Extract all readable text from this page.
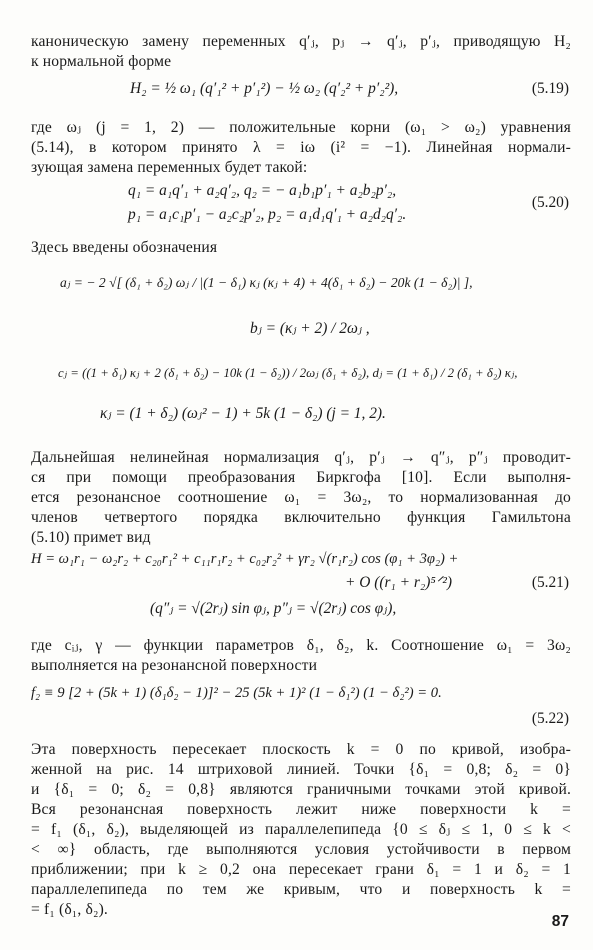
каноническую замену переменных q′ⱼ, pⱼ → q′ⱼ, p′ⱼ, приводящую H₂
к нормальной форме
H₂ = ½ ω₁ (q′₁² + p′₁²) − ½ ω₂ (q′₂² + p′₂²),	(5.19)
где ωⱼ (j = 1, 2) — положительные корни (ω₁ > ω₂) уравнения
(5.14), в котором принято λ = iω (i² = −1). Линейная нормали-
зующая замена переменных будет такой:
q₁ = a₁q′₁ + a₂q′₂, q₂ = − a₁b₁p′₁ + a₂b₂p′₂,
p₁ = a₁c₁p′₁ − a₂c₂p′₂, p₂ = a₁d₁q′₁ + a₂d₂q′₂.
(5.20)
Здесь введены обозначения
aⱼ = − 2 √[ (δ₁ + δ₂) ωⱼ / |(1 − δ₁) κⱼ (κⱼ + 4) + 4(δ₁ + δ₂) − 20k (1 − δ₂)| ],
bⱼ = (κⱼ + 2) / 2ωⱼ ,
cⱼ = ((1 + δ₁) κⱼ + 2 (δ₁ + δ₂) − 10k (1 − δ₂)) / 2ωⱼ (δ₁ + δ₂), dⱼ = (1 + δ₁) / 2 (δ₁ + δ₂) κⱼ,
κⱼ = (1 + δ₂) (ωⱼ² − 1) + 5k (1 − δ₂) (j = 1, 2).
Дальнейшая нелинейная нормализация q′ⱼ, p′ⱼ → q″ⱼ, p″ⱼ проводит-
ся при помощи преобразования Биркгофа [10]. Если выполня-
ется резонансное соотношение ω₁ = 3ω₂, то нормализованная до
членов четвертого порядка включительно функция Гамильтона
(5.10) примет вид
H = ω₁r₁ − ω₂r₂ + c₂₀r₁² + c₁₁r₁r₂ + c₀₂r₂² + γr₂ √(r₁r₂) cos (φ₁ + 3φ₂) +
+ O ((r₁ + r₂)⁵ᐟ²)	(5.21)
(q″ⱼ = √(2rⱼ) sin φⱼ, p″ⱼ = √(2rⱼ) cos φⱼ),
где cᵢⱼ, γ — функции параметров δ₁, δ₂, k. Соотношение ω₁ = 3ω₂
выполняется на резонансной поверхности
f₂ ≡ 9 [2 + (5k + 1) (δ₁δ₂ − 1)]² − 25 (5k + 1)² (1 − δ₁²) (1 − δ₂²) = 0.
(5.22)
Эта поверхность пересекает плоскость k = 0 по кривой, изобра-
женной на рис. 14 штриховой линией. Точки {δ₁ = 0,8; δ₂ = 0}
и {δ₁ = 0; δ₂ = 0,8} являются граничными точками этой кривой.
Вся резонансная поверхность лежит ниже поверхности k =
= f₁ (δ₁, δ₂), выделяющей из параллелепипеда {0 ≤ δⱼ ≤ 1, 0 ≤ k <
< ∞} область, где выполняются условия устойчивости в первом
приближении; при k ≥ 0,2 она пересекает грани δ₁ = 1 и δ₂ = 1
параллелепипеда по тем же кривым, что и поверхность k =
= f₁ (δ₁, δ₂).
87
